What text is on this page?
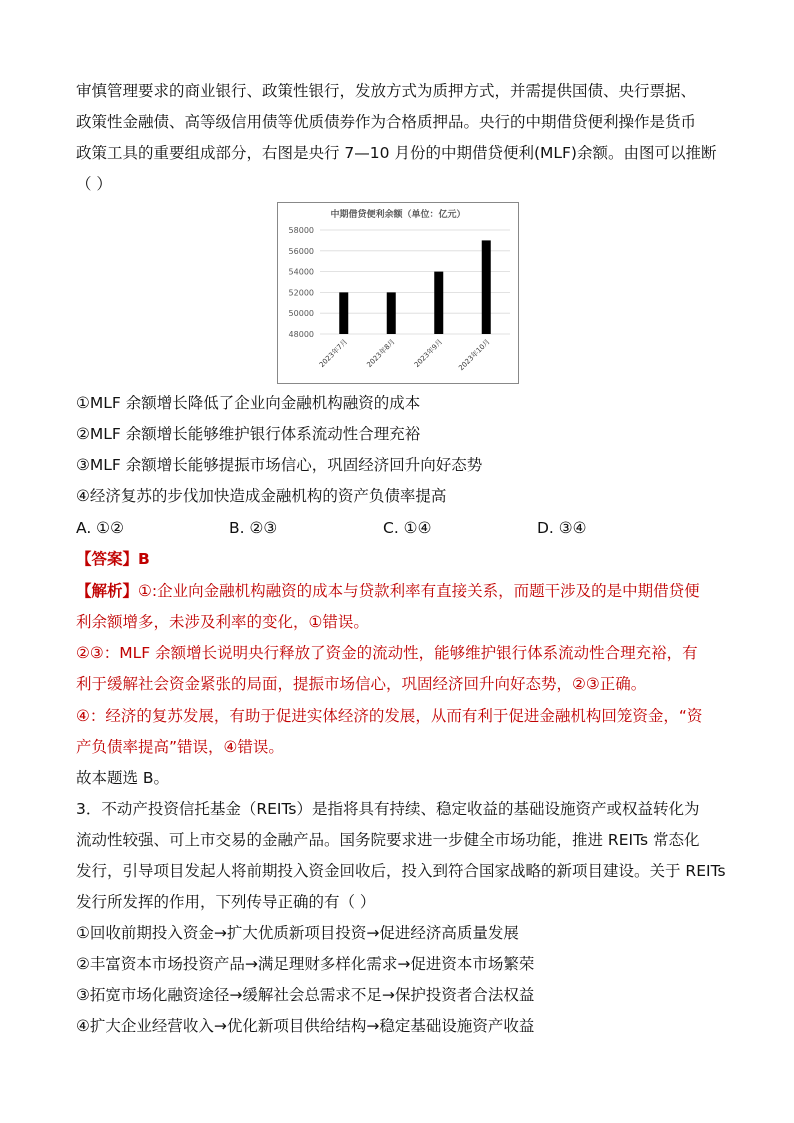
审慎管理要求的商业银行、政策性银行，发放方式为质押方式，并需提供国债、央行票据、
政策性金融债、高等级信用债等优质债券作为合格质押品。央行的中期借贷便利操作是货币
政策工具的重要组成部分，右图是央行 7—10 月份的中期借贷便利(MLF)余额。由图可以推断
（ ）
中期借贷便利余额（单位：亿元）
48000
50000
52000
54000
56000
58000
2023年7月 2023年8月 2023年9月 2023年10月
①MLF 余额增长降低了企业向金融机构融资的成本
②MLF 余额增长能够维护银行体系流动性合理充裕
③MLF 余额增长能够提振市场信心，巩固经济回升向好态势
④经济复苏的步伐加快造成金融机构的资产负债率提高
A. ①②	B. ②③	C. ①④	D. ③④
【答案】B
【解析】①:企业向金融机构融资的成本与贷款利率有直接关系，而题干涉及的是中期借贷便
利余额增多，未涉及利率的变化，①错误。
②③：MLF 余额增长说明央行释放了资金的流动性，能够维护银行体系流动性合理充裕，有
利于缓解社会资金紧张的局面，提振市场信心，巩固经济回升向好态势，②③正确。
④：经济的复苏发展，有助于促进实体经济的发展，从而有利于促进金融机构回笼资金，“资
产负债率提高”错误，④错误。
故本题选 B。
3．不动产投资信托基金（REITs）是指将具有持续、稳定收益的基础设施资产或权益转化为
流动性较强、可上市交易的金融产品。国务院要求进一步健全市场功能，推进 REITs 常态化
发行，引导项目发起人将前期投入资金回收后，投入到符合国家战略的新项目建设。关于 REITs
发行所发挥的作用，下列传导正确的有（ ）
①回收前期投入资金→扩大优质新项目投资→促进经济高质量发展
②丰富资本市场投资产品→满足理财多样化需求→促进资本市场繁荣
③拓宽市场化融资途径→缓解社会总需求不足→保护投资者合法权益
④扩大企业经营收入→优化新项目供给结构→稳定基础设施资产收益
